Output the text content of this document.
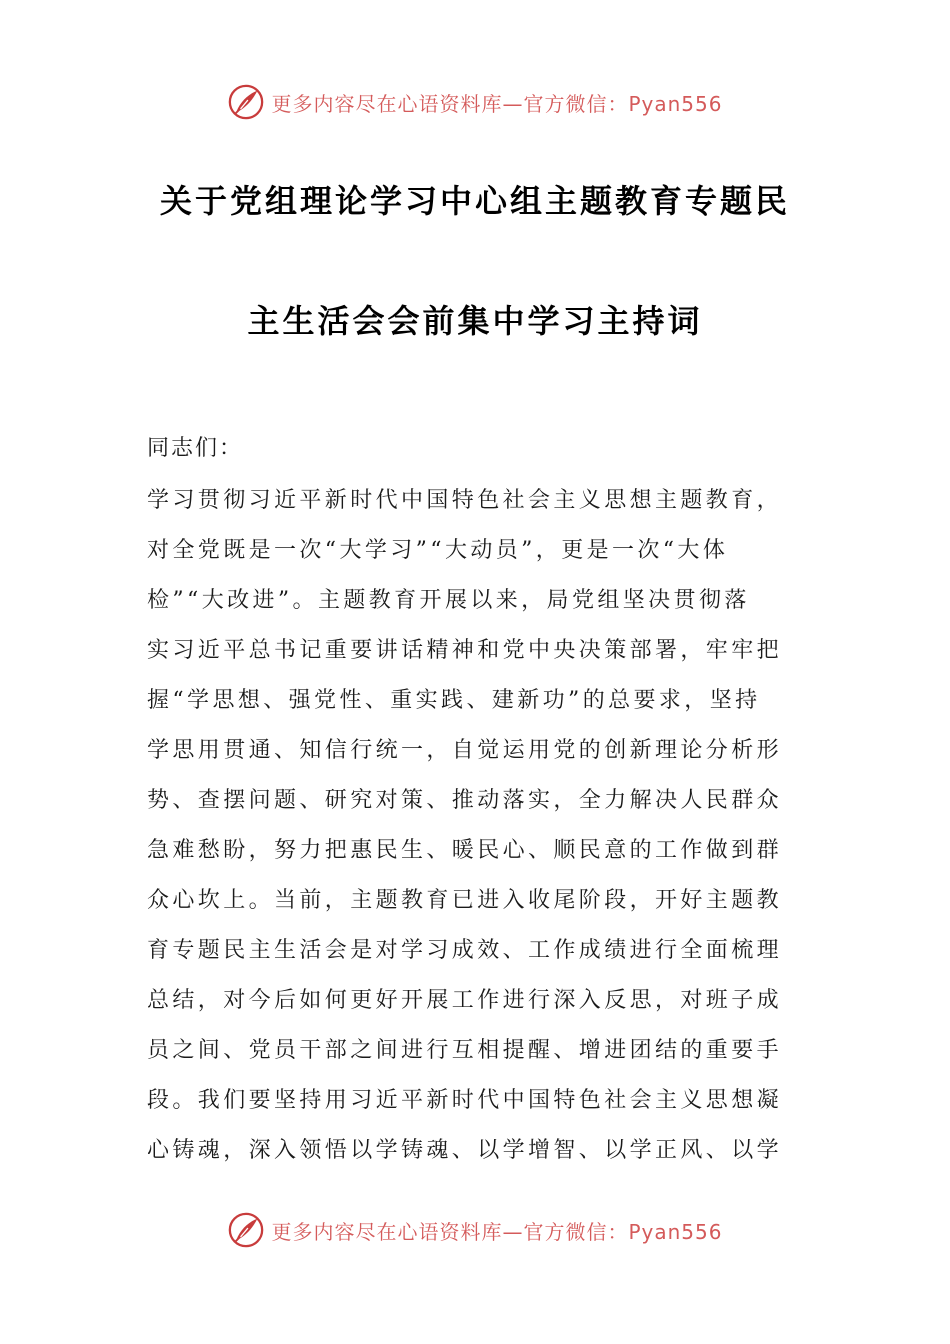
更多内容尽在心语资料库—官方微信：Pyan556
关于党组理论学习中心组主题教育专题民
主生活会会前集中学习主持词
同志们：
学习贯彻习近平新时代中国特色社会主义思想主题教育，
对全党既是一次“大学习”“大动员”，更是一次“大体
检”“大改进”。主题教育开展以来，局党组坚决贯彻落
实习近平总书记重要讲话精神和党中央决策部署，牢牢把
握“学思想、强党性、重实践、建新功”的总要求，坚持
学思用贯通、知信行统一，自觉运用党的创新理论分析形
势、查摆问题、研究对策、推动落实，全力解决人民群众
急难愁盼，努力把惠民生、暖民心、顺民意的工作做到群
众心坎上。当前，主题教育已进入收尾阶段，开好主题教
育专题民主生活会是对学习成效、工作成绩进行全面梳理
总结，对今后如何更好开展工作进行深入反思，对班子成
员之间、党员干部之间进行互相提醒、增进团结的重要手
段。我们要坚持用习近平新时代中国特色社会主义思想凝
心铸魂，深入领悟以学铸魂、以学增智、以学正风、以学
更多内容尽在心语资料库—官方微信：Pyan556
